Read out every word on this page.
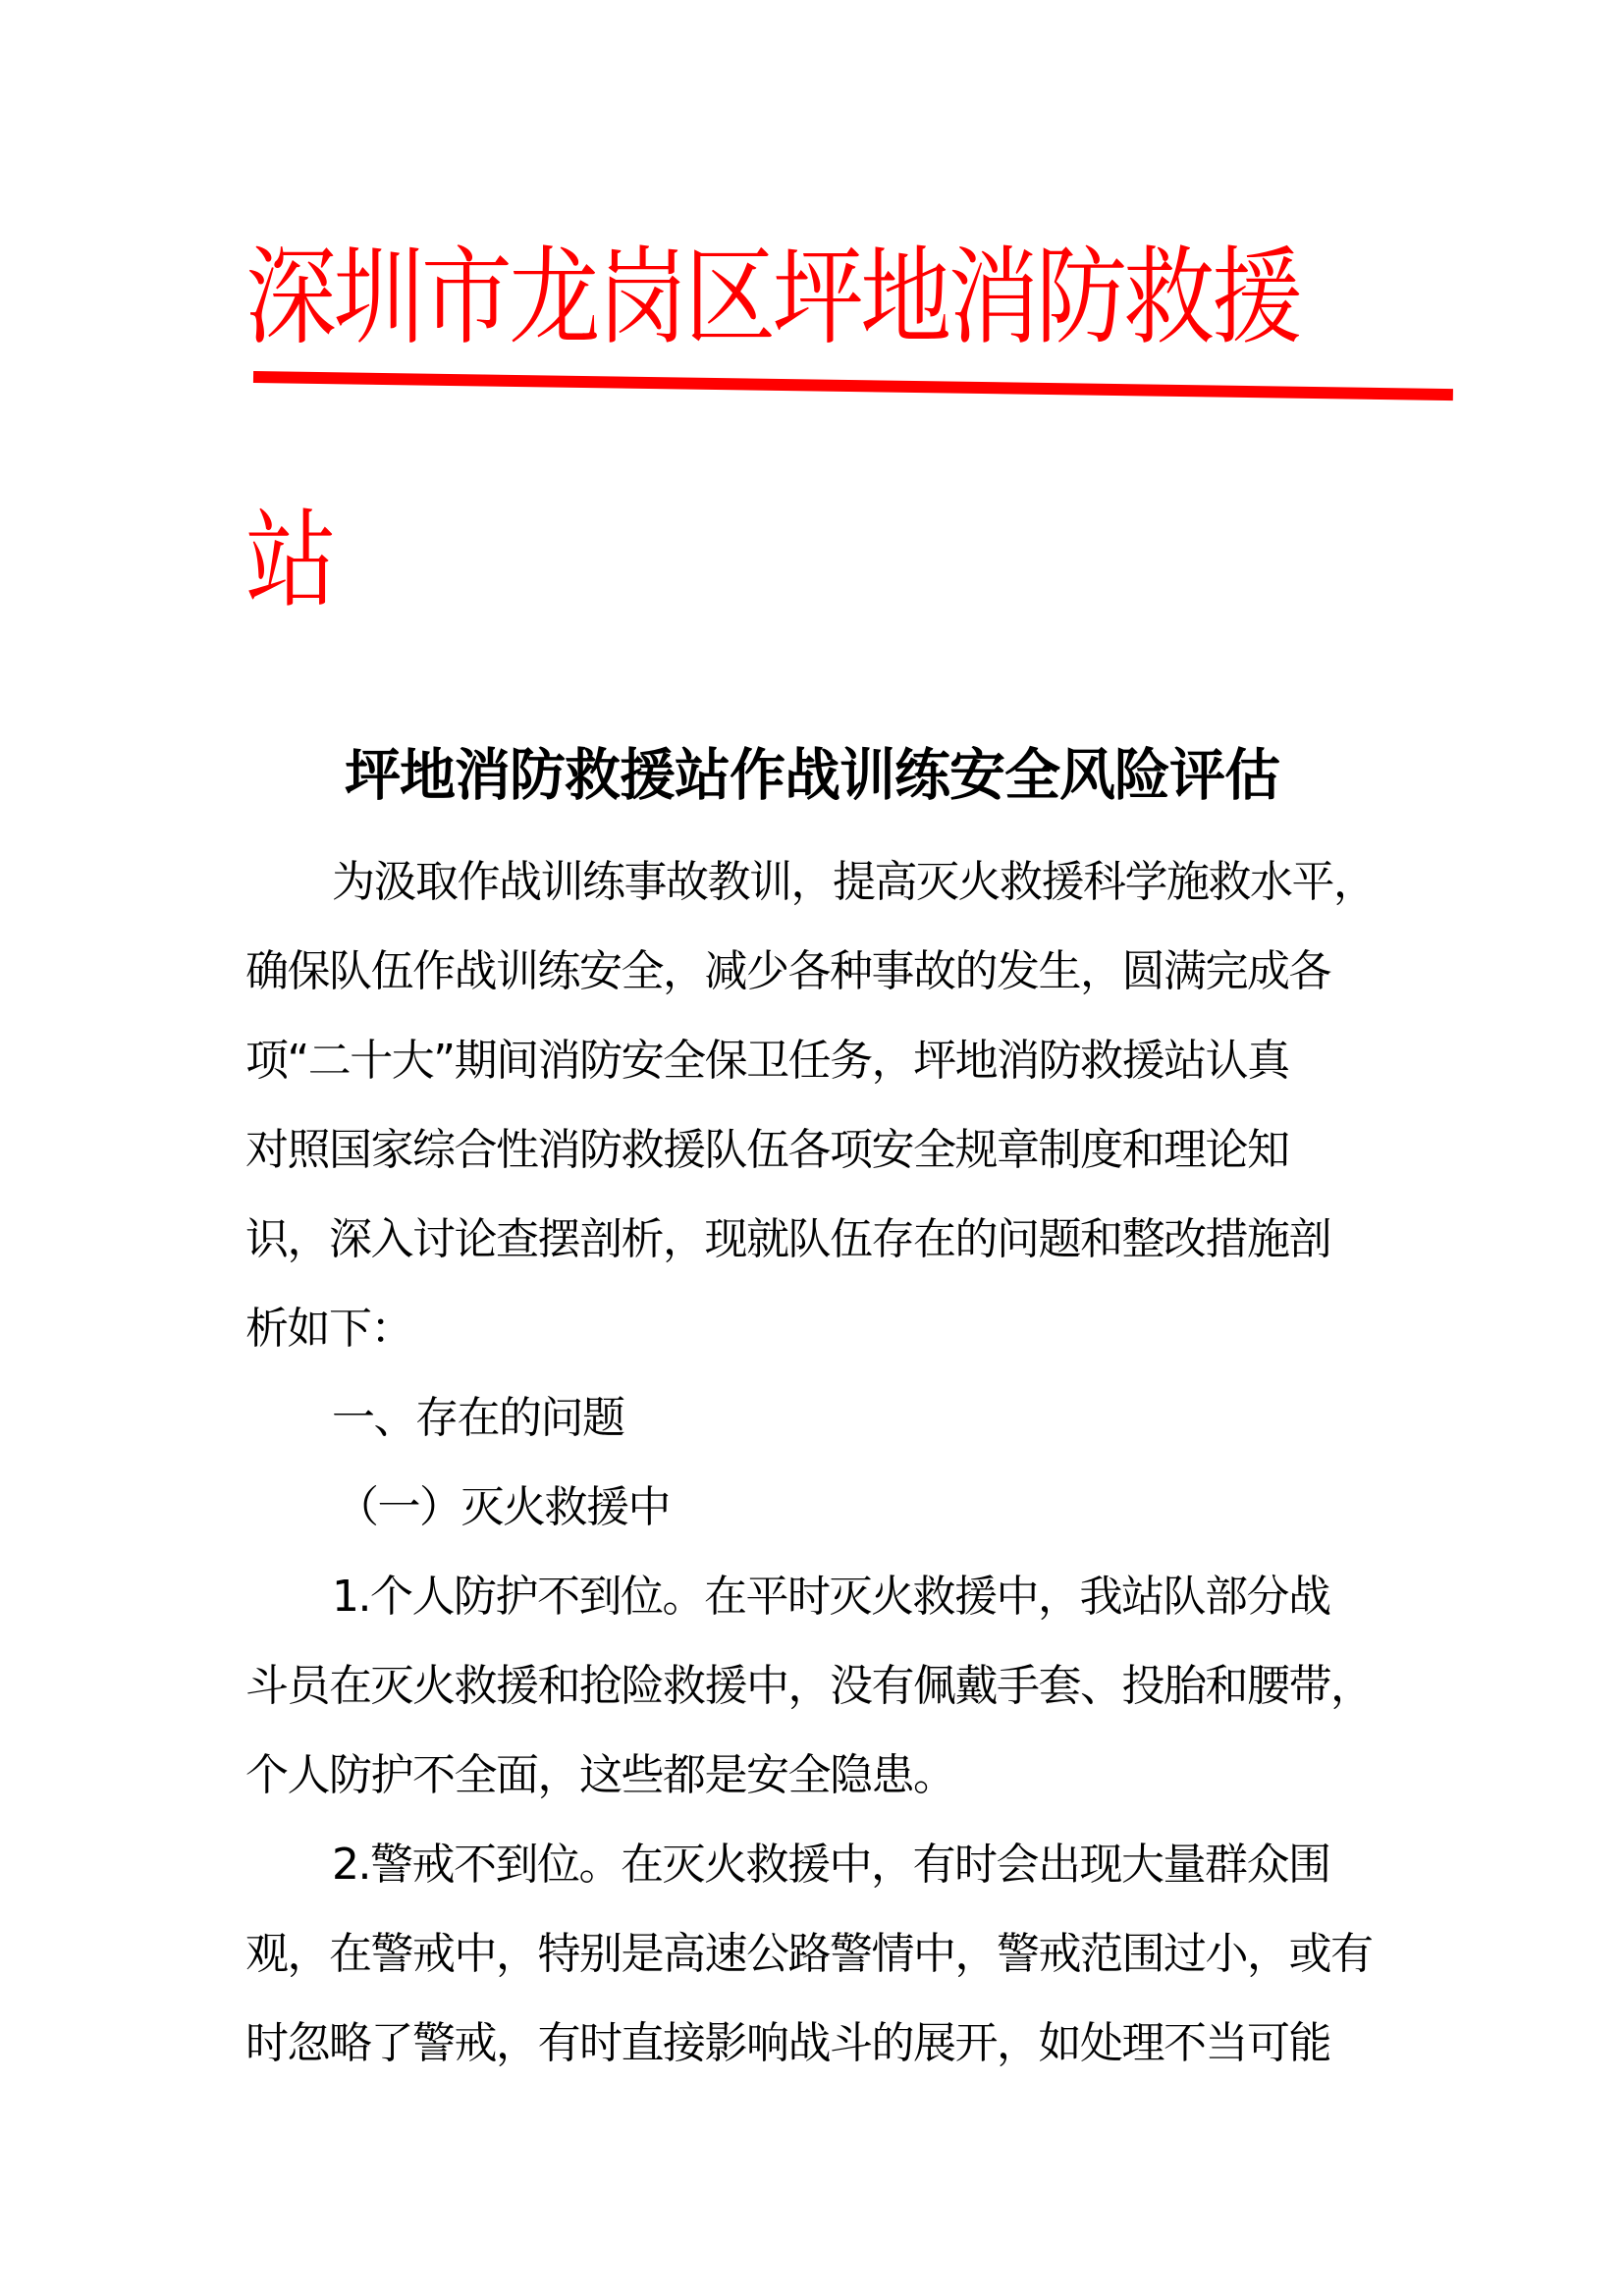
深圳市龙岗区坪地消防救援
站
坪地消防救援站作战训练安全风险评估
为汲取作战训练事故教训，提高灭火救援科学施救水平，
确保队伍作战训练安全，减少各种事故的发生，圆满完成各
项“二十大”期间消防安全保卫任务，坪地消防救援站认真
对照国家综合性消防救援队伍各项安全规章制度和理论知
识，深入讨论查摆剖析，现就队伍存在的问题和整改措施剖
析如下：
一、存在的问题
（一）灭火救援中
1.个人防护不到位。在平时灭火救援中，我站队部分战
斗员在灭火救援和抢险救援中，没有佩戴手套、投胎和腰带，
个人防护不全面，这些都是安全隐患。
2.警戒不到位。在灭火救援中，有时会出现大量群众围
观，在警戒中，特别是高速公路警情中，警戒范围过小，或有
时忽略了警戒，有时直接影响战斗的展开，如处理不当可能
